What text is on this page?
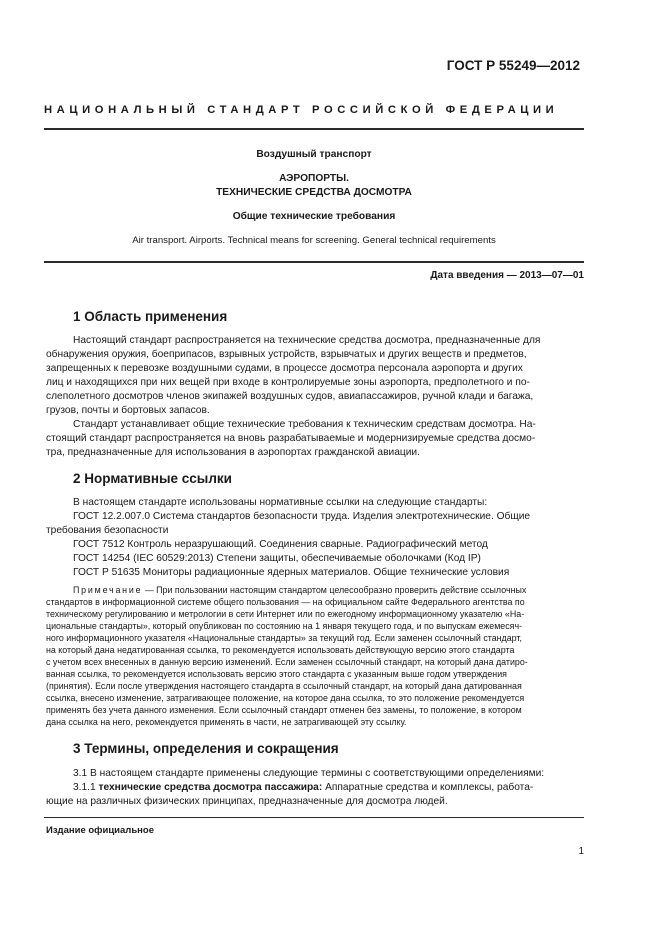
ГОСТ Р 55249—2012
НАЦИОНАЛЬНЫЙ СТАНДАРТ РОССИЙСКОЙ ФЕДЕРАЦИИ
Воздушный транспорт
АЭРОПОРТЫ.
ТЕХНИЧЕСКИЕ СРЕДСТВА ДОСМОТРА
Общие технические требования
Air transport. Airports. Technical means for screening. General technical requirements
Дата введения — 2013—07—01
1 Область применения
Настоящий стандарт распространяется на технические средства досмотра, предназначенные для
обнаружения оружия, боеприпасов, взрывных устройств, взрывчатых и других веществ и предметов,
запрещенных к перевозке воздушными судами, в процессе досмотра персонала аэропорта и других
лиц и находящихся при них вещей при входе в контролируемые зоны аэропорта, предполетного и по-
слеполетного досмотров членов экипажей воздушных судов, авиапассажиров, ручной клади и багажа,
грузов, почты и бортовых запасов.
Стандарт устанавливает общие технические требования к техническим средствам досмотра. На-
стоящий стандарт распространяется на вновь разрабатываемые и модернизируемые средства досмо-
тра, предназначенные для использования в аэропортах гражданской авиации.
2 Нормативные ссылки
В настоящем стандарте использованы нормативные ссылки на следующие стандарты:
ГОСТ 12.2.007.0 Система стандартов безопасности труда. Изделия электротехнические. Общие
требования безопасности
ГОСТ 7512 Контроль неразрушающий. Соединения сварные. Радиографический метод
ГОСТ 14254 (IEC 60529:2013) Степени защиты, обеспечиваемые оболочками (Код IP)
ГОСТ Р 51635 Мониторы радиационные ядерных материалов. Общие технические условия
Примечание — При пользовании настоящим стандартом целесообразно проверить действие ссылочных
стандартов в информационной системе общего пользования — на официальном сайте Федерального агентства по
техническому регулированию и метрологии в сети Интернет или по ежегодному информационному указателю «На-
циональные стандарты», который опубликован по состоянию на 1 января текущего года, и по выпускам ежемесяч-
ного информационного указателя «Национальные стандарты» за текущий год. Если заменен ссылочный стандарт,
на который дана недатированная ссылка, то рекомендуется использовать действующую версию этого стандарта
с учетом всех внесенных в данную версию изменений. Если заменен ссылочный стандарт, на который дана датиро-
ванная ссылка, то рекомендуется использовать версию этого стандарта с указанным выше годом утверждения
(принятия). Если после утверждения настоящего стандарта в ссылочный стандарт, на который дана датированная
ссылка, внесено изменение, затрагивающее положение, на которое дана ссылка, то это положение рекомендуется
применять без учета данного изменения. Если ссылочный стандарт отменен без замены, то положение, в котором
дана ссылка на него, рекомендуется применять в части, не затрагивающей эту ссылку.
3 Термины, определения и сокращения
3.1 В настоящем стандарте применены следующие термины с соответствующими определениями:
3.1.1 технические средства досмотра пассажира: Аппаратные средства и комплексы, работа-
ющие на различных физических принципах, предназначенные для досмотра людей.
Издание официальное
1
